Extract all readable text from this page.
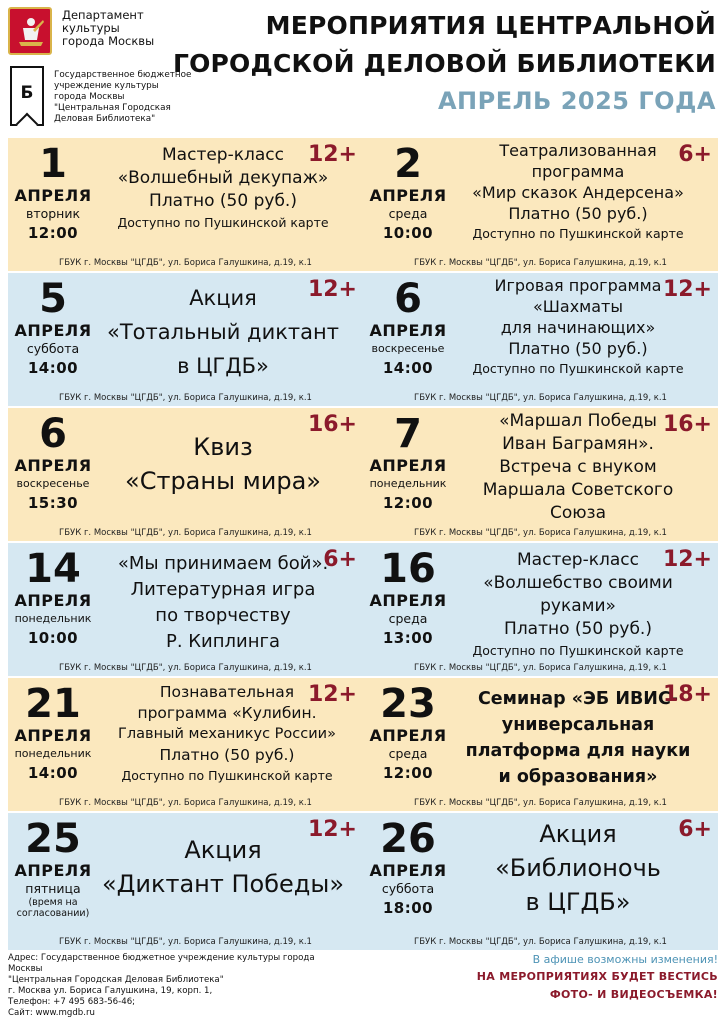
Департамент
культуры
города Москвы
Б
Государственное бюджетное
учреждение культуры
города Москвы
"Центральная Городская
Деловая Библиотека"
МЕРОПРИЯТИЯ ЦЕНТРАЛЬНОЙ
ГОРОДСКОЙ ДЕЛОВОЙ БИБЛИОТЕКИ
АПРЕЛЬ 2025 ГОДА
1
АПРЕЛЯ
вторник
12:00
Мастер-класс
«Волшебный декупаж»
Платно (50 руб.)
Доступно по Пушкинской карте
12+ 2
АПРЕЛЯ
среда
10:00
Театрализованная
программа
«Мир сказок Андерсена»
Платно (50 руб.)
Доступно по Пушкинской карте
6+
ГБУК г. Москвы "ЦГДБ", ул. Бориса Галушкина, д.19, к.1	ГБУК г. Москвы "ЦГДБ", ул. Бориса Галушкина, д.19, к.1
5
АПРЕЛЯ
суббота
14:00
Акция
«Тотальный диктант
в ЦГДБ»
12+ 6
АПРЕЛЯ
воскресенье
14:00
Игровая программа
«Шахматы
для начинающих»
Платно (50 руб.)
Доступно по Пушкинской карте
12+
ГБУК г. Москвы "ЦГДБ", ул. Бориса Галушкина, д.19, к.1	ГБУК г. Москвы "ЦГДБ", ул. Бориса Галушкина, д.19, к.1
6
АПРЕЛЯ
воскресенье
15:30
Квиз
«Страны мира»
16+ 7
АПРЕЛЯ
понедельник
12:00
«Маршал Победы
Иван Баграмян».
Встреча с внуком
Маршала Советского
Союза
16+
ГБУК г. Москвы "ЦГДБ", ул. Бориса Галушкина, д.19, к.1	ГБУК г. Москвы "ЦГДБ", ул. Бориса Галушкина, д.19, к.1
14
АПРЕЛЯ
понедельник
10:00
«Мы принимаем бой».
Литературная игра
по творчеству
Р. Киплинга
6+ 16
АПРЕЛЯ
среда
13:00
Мастер-класс
«Волшебство своими
руками»
Платно (50 руб.)
Доступно по Пушкинской карте
12+
ГБУК г. Москвы "ЦГДБ", ул. Бориса Галушкина, д.19, к.1	ГБУК г. Москвы "ЦГДБ", ул. Бориса Галушкина, д.19, к.1
21
АПРЕЛЯ
понедельник
14:00
Познавательная
программа «Кулибин.
Главный механикус России»
Платно (50 руб.)
Доступно по Пушкинской карте
12+ 23
АПРЕЛЯ
среда
12:00
Семинар «ЭБ ИВИС-
универсальная
платформа для науки
и образования»
18+
ГБУК г. Москвы "ЦГДБ", ул. Бориса Галушкина, д.19, к.1	ГБУК г. Москвы "ЦГДБ", ул. Бориса Галушкина, д.19, к.1
25
АПРЕЛЯ
пятница
(время на согласовании)
Акция
«Диктант Победы»
12+ 26
АПРЕЛЯ
суббота
18:00
Акция
«Библионочь
в ЦГДБ»
6+
ГБУК г. Москвы "ЦГДБ", ул. Бориса Галушкина, д.19, к.1	ГБУК г. Москвы "ЦГДБ", ул. Бориса Галушкина, д.19, к.1
Адрес: Государственное бюджетное учреждение культуры города Москвы
"Центральная Городская Деловая Библиотека"
г. Москва ул. Бориса Галушкина, 19, корп. 1,
Телефон: +7 495 683-56-46;
Сайт: www.mgdb.ru
В афише возможны изменения!
НА МЕРОПРИЯТИЯХ БУДЕТ ВЕСТИСЬ
ФОТО- И ВИДЕОСЪЕМКА!
